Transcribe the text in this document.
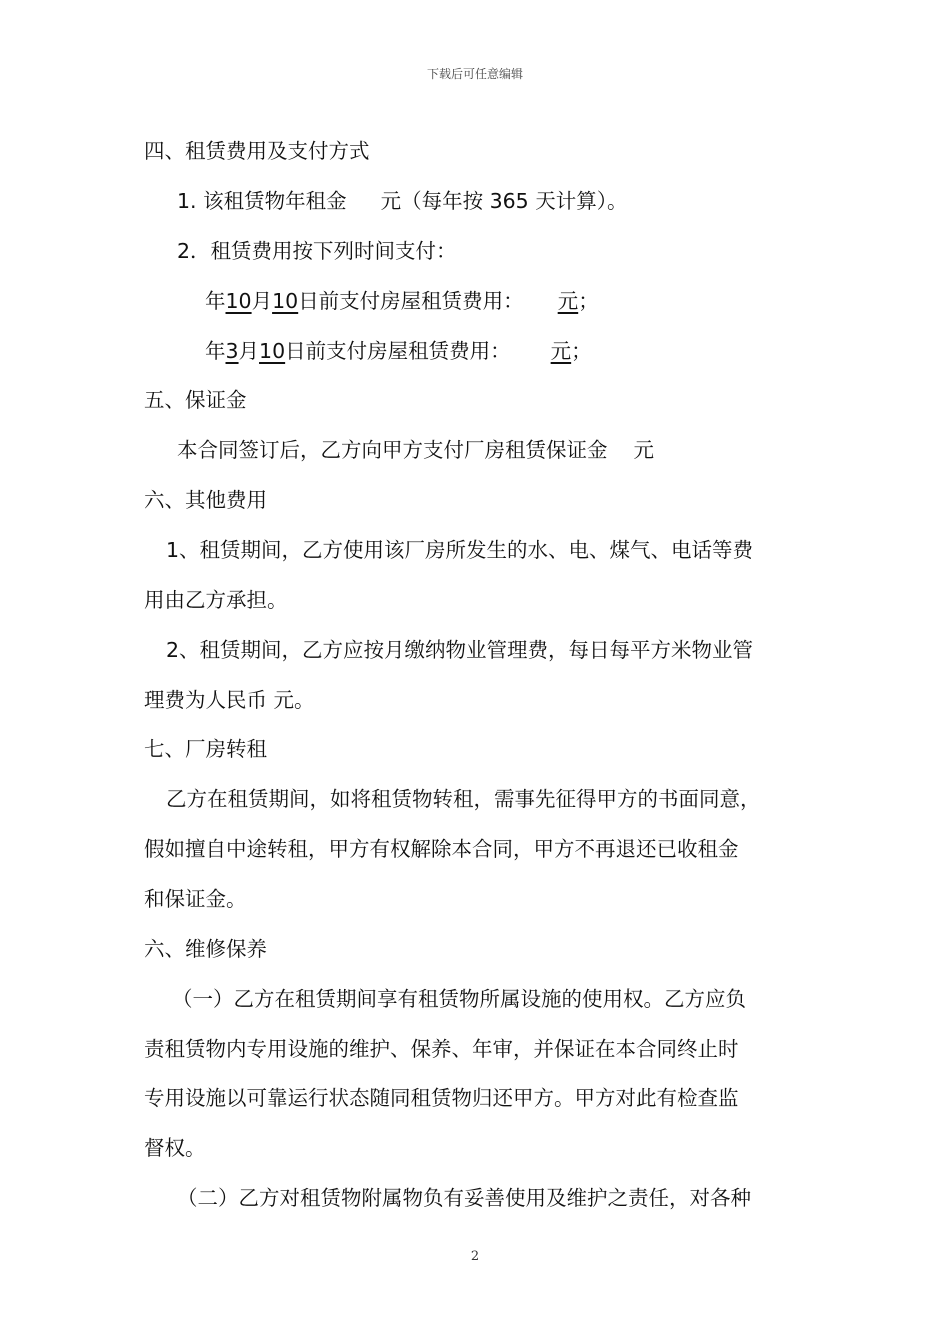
下载后可任意编辑
四、租赁费用及支付方式
1. 该租赁物年租金 元（每年按 365 天计算）。
2．租赁费用按下列时间支付：
年10月10日前支付房屋租赁费用： 元；
年3月10日前支付房屋租赁费用： 元；
五、保证金
本合同签订后，乙方向甲方支付厂房租赁保证金 元
六、其他费用
1、租赁期间，乙方使用该厂房所发生的水、电、煤气、电话等费
用由乙方承担。
2、租赁期间，乙方应按月缴纳物业管理费，每日每平方米物业管
理费为人民币 元。
七、厂房转租
乙方在租赁期间，如将租赁物转租，需事先征得甲方的书面同意，
假如擅自中途转租，甲方有权解除本合同，甲方不再退还已收租金
和保证金。
六、维修保养
（一）乙方在租赁期间享有租赁物所属设施的使用权。乙方应负
责租赁物内专用设施的维护、保养、年审，并保证在本合同终止时
专用设施以可靠运行状态随同租赁物归还甲方。甲方对此有检查监
督权。
（二）乙方对租赁物附属物负有妥善使用及维护之责任，对各种
2
